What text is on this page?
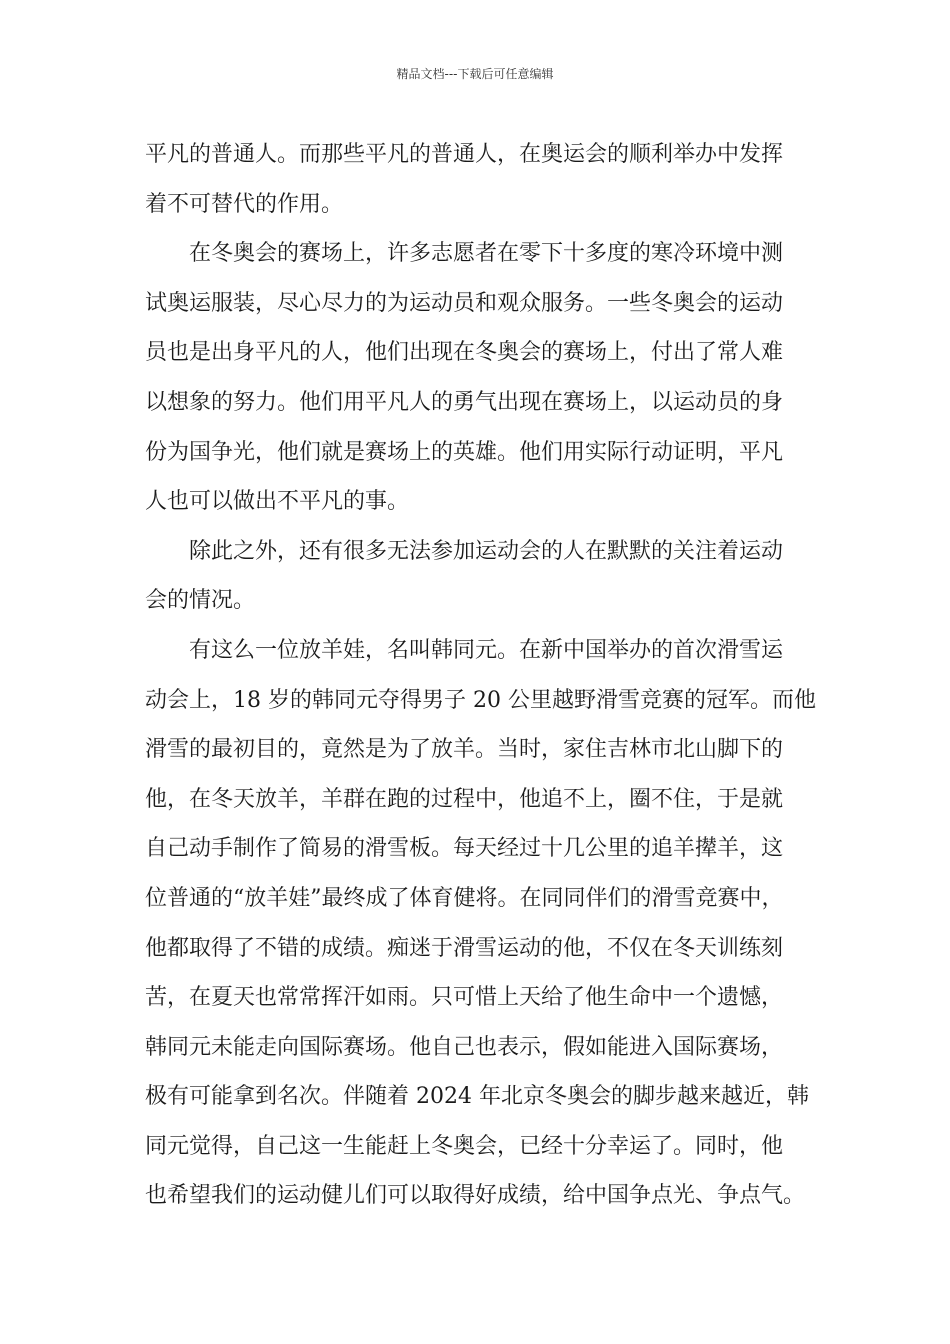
精品文档---下载后可任意编辑
平凡的普通人。而那些平凡的普通人，在奥运会的顺利举办中发挥
着不可替代的作用。
在冬奥会的赛场上，许多志愿者在零下十多度的寒冷环境中测
试奥运服装，尽心尽力的为运动员和观众服务。一些冬奥会的运动
员也是出身平凡的人，他们出现在冬奥会的赛场上，付出了常人难
以想象的努力。他们用平凡人的勇气出现在赛场上，以运动员的身
份为国争光，他们就是赛场上的英雄。他们用实际行动证明，平凡
人也可以做出不平凡的事。
除此之外，还有很多无法参加运动会的人在默默的关注着运动
会的情况。
有这么一位放羊娃，名叫韩同元。在新中国举办的首次滑雪运
动会上，18 岁的韩同元夺得男子 20 公里越野滑雪竞赛的冠军。而他
滑雪的最初目的，竟然是为了放羊。当时，家住吉林市北山脚下的
他，在冬天放羊，羊群在跑的过程中，他追不上，圈不住，于是就
自己动手制作了简易的滑雪板。每天经过十几公里的追羊撵羊，这
位普通的“放羊娃”最终成了体育健将。在同同伴们的滑雪竞赛中，
他都取得了不错的成绩。痴迷于滑雪运动的他，不仅在冬天训练刻
苦，在夏天也常常挥汗如雨。只可惜上天给了他生命中一个遗憾，
韩同元未能走向国际赛场。他自己也表示，假如能进入国际赛场，
极有可能拿到名次。伴随着 2024 年北京冬奥会的脚步越来越近，韩
同元觉得，自己这一生能赶上冬奥会，已经十分幸运了。同时，他
也希望我们的运动健儿们可以取得好成绩，给中国争点光、争点气。
